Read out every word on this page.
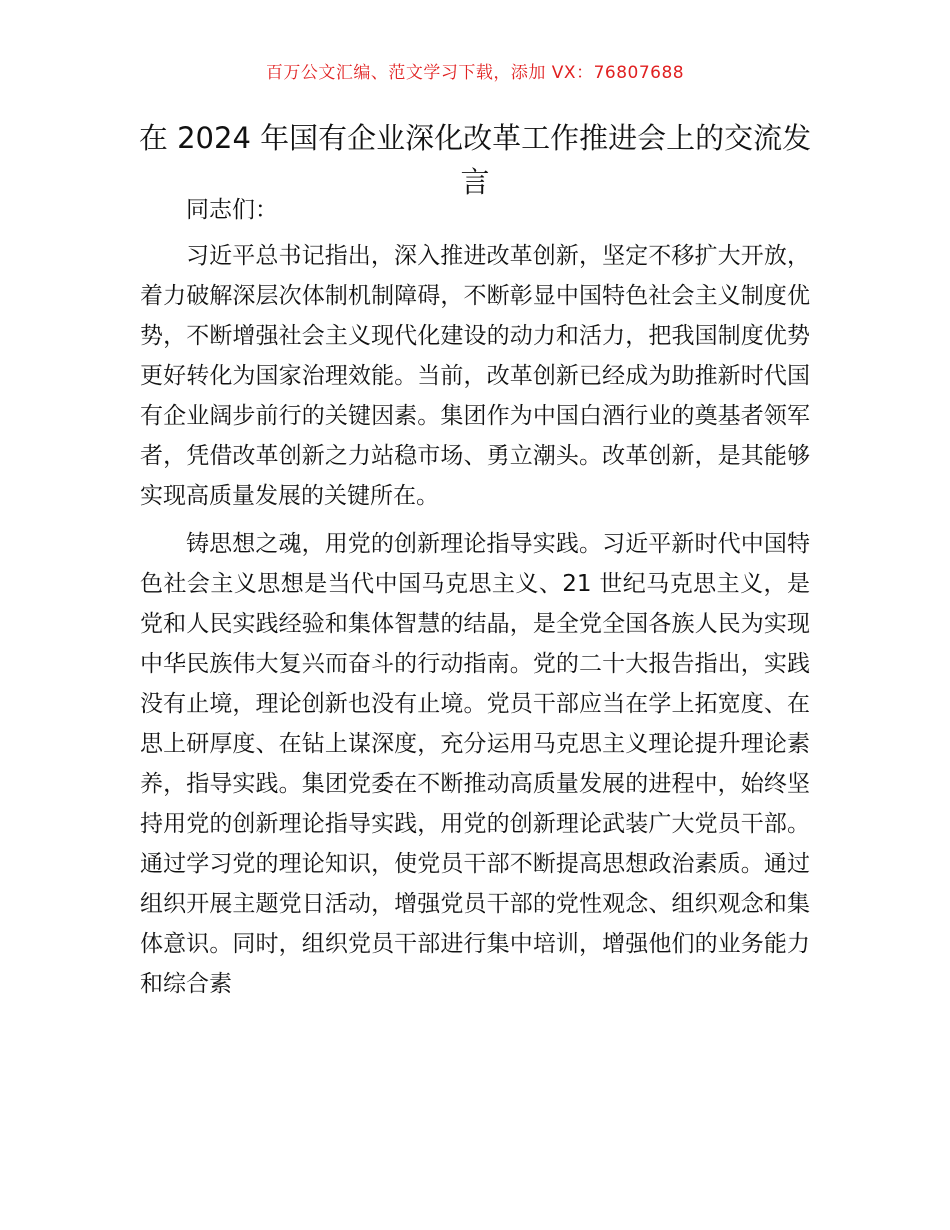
百万公文汇编、范文学习下载，添加 VX：76807688
在 2024 年国有企业深化改革工作推进会上的交流发言

同志们：

习近平总书记指出，深入推进改革创新，坚定不移扩大开放，着力破解深层次体制机制障碍，不断彰显中国特色社会主义制度优势，不断增强社会主义现代化建设的动力和活力，把我国制度优势更好转化为国家治理效能。当前，改革创新已经成为助推新时代国有企业阔步前行的关键因素。集团作为中国白酒行业的奠基者领军者，凭借改革创新之力站稳市场、勇立潮头。改革创新，是其能够实现高质量发展的关键所在。

铸思想之魂，用党的创新理论指导实践。习近平新时代中国特色社会主义思想是当代中国马克思主义、21 世纪马克思主义，是党和人民实践经验和集体智慧的结晶，是全党全国各族人民为实现中华民族伟大复兴而奋斗的行动指南。党的二十大报告指出，实践没有止境，理论创新也没有止境。党员干部应当在学上拓宽度、在思上研厚度、在钻上谋深度，充分运用马克思主义理论提升理论素养，指导实践。集团党委在不断推动高质量发展的进程中，始终坚持用党的创新理论指导实践，用党的创新理论武装广大党员干部。通过学习党的理论知识，使党员干部不断提高思想政治素质。通过组织开展主题党日活动，增强党员干部的党性观念、组织观念和集体意识。同时，组织党员干部进行集中培训，增强他们的业务能力和综合素
